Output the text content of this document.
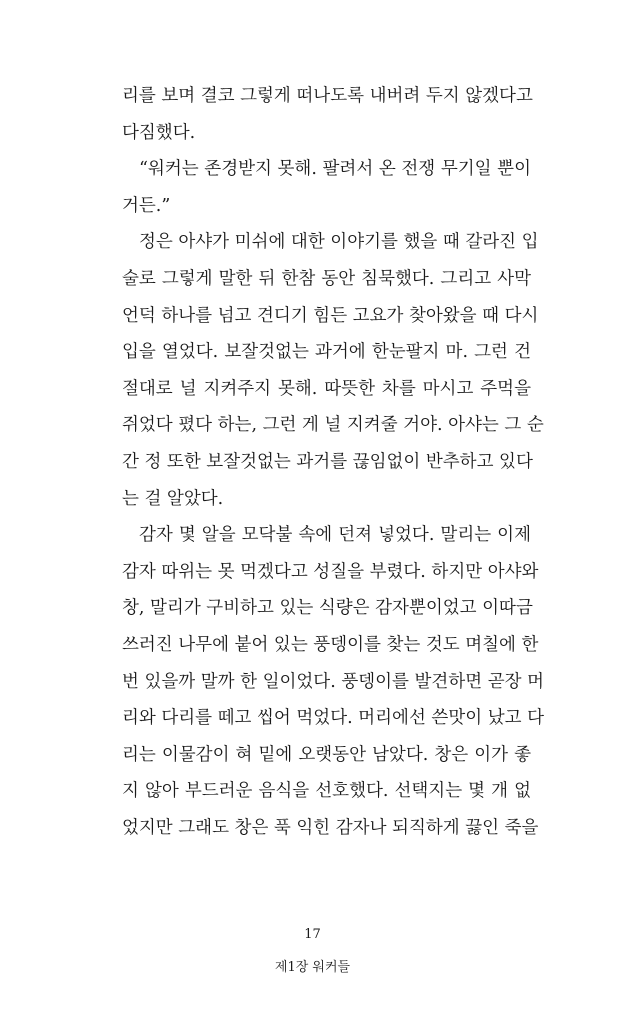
리를 보며 결코 그렇게 떠나도록 내버려 두지 않겠다고
다짐했다.
“워커는 존경받지 못해. 팔려서 온 전쟁 무기일 뿐이
거든.”
정은 아샤가 미쉬에 대한 이야기를 했을 때 갈라진 입
술로 그렇게 말한 뒤 한참 동안 침묵했다. 그리고 사막
언덕 하나를 넘고 견디기 힘든 고요가 찾아왔을 때 다시
입을 열었다. 보잘것없는 과거에 한눈팔지 마. 그런 건
절대로 널 지켜주지 못해. 따뜻한 차를 마시고 주먹을
쥐었다 폈다 하는, 그런 게 널 지켜줄 거야. 아샤는 그 순
간 정 또한 보잘것없는 과거를 끊임없이 반추하고 있다
는 걸 알았다.
감자 몇 알을 모닥불 속에 던져 넣었다. 말리는 이제
감자 따위는 못 먹겠다고 성질을 부렸다. 하지만 아샤와
창, 말리가 구비하고 있는 식량은 감자뿐이었고 이따금
쓰러진 나무에 붙어 있는 풍뎅이를 찾는 것도 며칠에 한
번 있을까 말까 한 일이었다. 풍뎅이를 발견하면 곧장 머
리와 다리를 떼고 씹어 먹었다. 머리에선 쓴맛이 났고 다
리는 이물감이 혀 밑에 오랫동안 남았다. 창은 이가 좋
지 않아 부드러운 음식을 선호했다. 선택지는 몇 개 없
었지만 그래도 창은 푹 익힌 감자나 되직하게 끓인 죽을
17
제1장 워커들
